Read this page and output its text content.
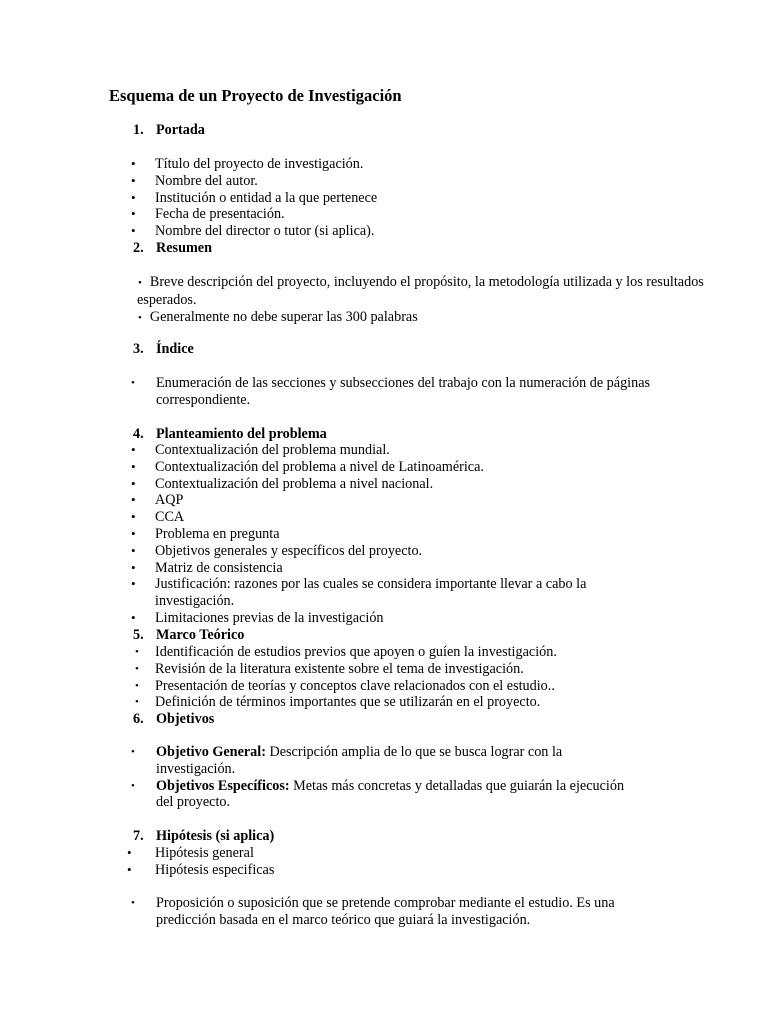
Esquema de un Proyecto de Investigación
1. Portada
• Título del proyecto de investigación.
• Nombre del autor.
• Institución o entidad a la que pertenece
• Fecha de presentación.
• Nombre del director o tutor (si aplica).
2. Resumen
• Breve descripción del proyecto, incluyendo el propósito, la metodología utilizada y los resultados esperados.
• Generalmente no debe superar las 300 palabras
3. Índice
• Enumeración de las secciones y subsecciones del trabajo con la numeración de páginas correspondiente.
4. Planteamiento del problema
• Contextualización del problema mundial.
• Contextualización del problema a nivel de Latinoamérica.
• Contextualización del problema a nivel nacional.
• AQP
• CCA
• Problema en pregunta
• Objetivos generales y específicos del proyecto.
• Matriz de consistencia
• Justificación: razones por las cuales se considera importante llevar a cabo la investigación.
• Limitaciones previas de la investigación
5. Marco Teórico
• Identificación de estudios previos que apoyen o guíen la investigación.
• Revisión de la literatura existente sobre el tema de investigación.
• Presentación de teorías y conceptos clave relacionados con el estudio..
• Definición de términos importantes que se utilizarán en el proyecto.
6. Objetivos
• Objetivo General: Descripción amplia de lo que se busca lograr con la investigación.
• Objetivos Específicos: Metas más concretas y detalladas que guiarán la ejecución del proyecto.
7. Hipótesis (si aplica)
• Hipótesis general
• Hipótesis especificas
• Proposición o suposición que se pretende comprobar mediante el estudio. Es una predicción basada en el marco teórico que guiará la investigación.
